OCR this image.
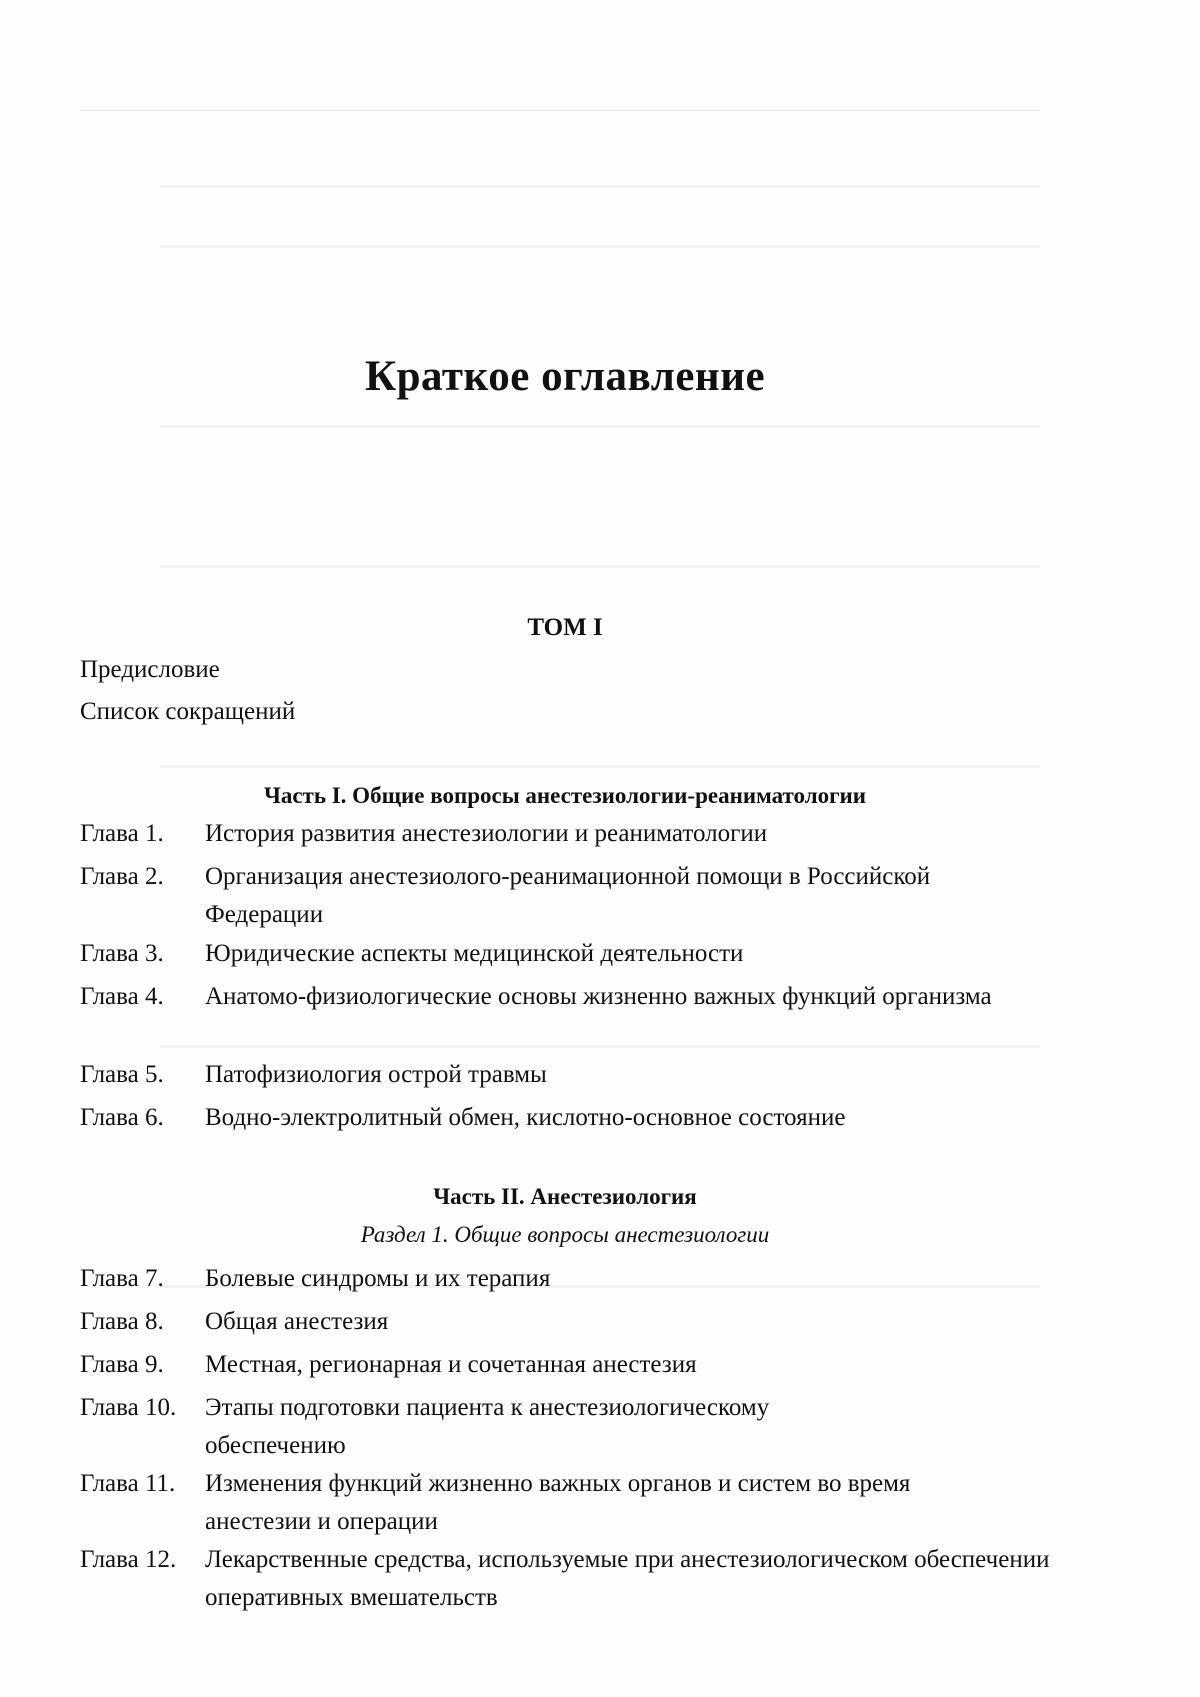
Краткое оглавление
ТОМ I
Предисловие
Список сокращений
Часть I. Общие вопросы анестезиологии-реаниматологии
Глава 1. История развития анестезиологии и реаниматологии
Глава 2. Организация анестезиолого-реанимационной помощи в Российской Федерации
Глава 3. Юридические аспекты медицинской деятельности
Глава 4. Анатомо-физиологические основы жизненно важных функций организма
Глава 5. Патофизиология острой травмы
Глава 6. Водно-электролитный обмен, кислотно-основное состояние
Часть II. Анестезиология
Раздел 1. Общие вопросы анестезиологии
Глава 7. Болевые синдромы и их терапия
Глава 8. Общая анестезия
Глава 9. Местная, регионарная и сочетанная анестезия
Глава 10. Этапы подготовки пациента к анестезиологическому обеспечению
Глава 11. Изменения функций жизненно важных органов и систем во время анестезии и операции
Глава 12. Лекарственные средства, используемые при анестезиологическом обеспечении оперативных вмешательств
